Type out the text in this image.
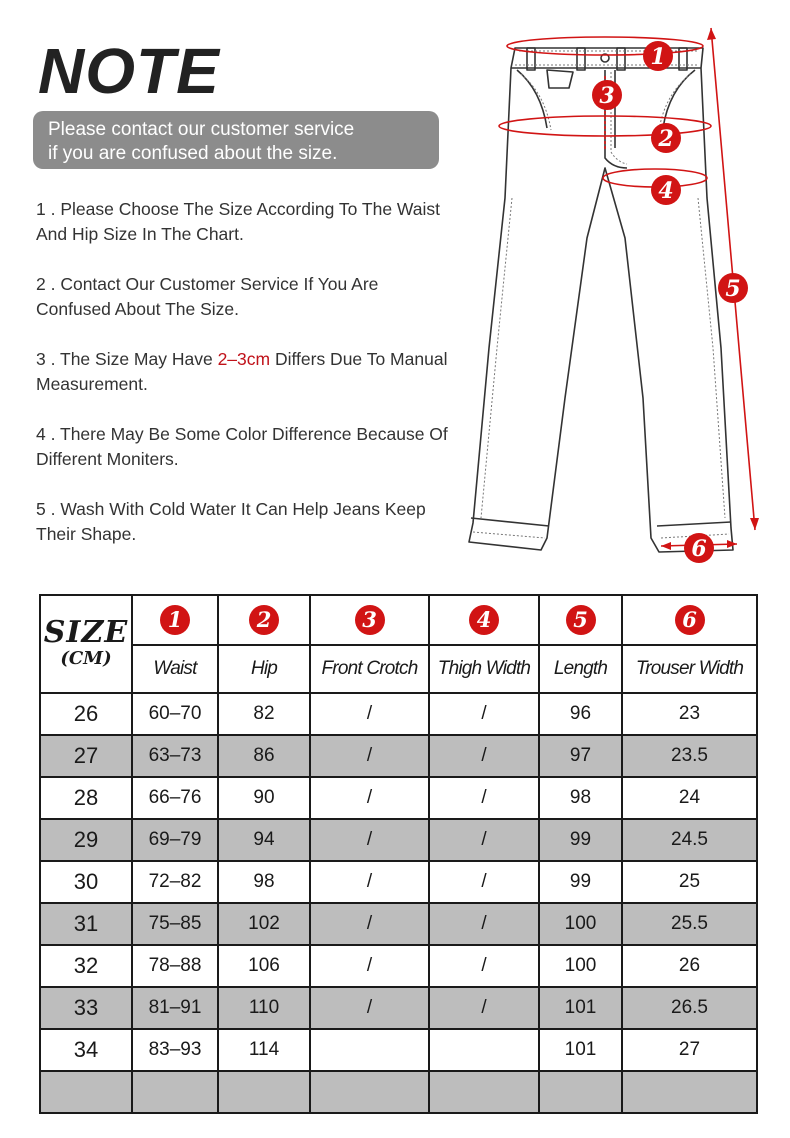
NOTE
Please contact our customer service
if you are confused about the size.

1 . Please Choose The Size According To The Waist And Hip Size In The Chart.

2 . Contact Our Customer Service If You Are Confused About The Size.

3 . The Size May Have 2–3cm Differs Due To Manual Measurement.

4 . There May Be Some Color Difference Because Of Different Moniters.

5 . Wash With Cold Water It Can Help Jeans Keep Their Shape.

1
3
2
4
5
6
SIZE
(CM)	1	2	3	4	5	6
	Waist	Hip	Front Crotch	Thigh Width	Length	Trouser Width
26	60–70	82	/	/	96	23
27	63–73	86	/	/	97	23.5
28	66–76	90	/	/	98	24
29	69–79	94	/	/	99	24.5
30	72–82	98	/	/	99	25
31	75–85	102	/	/	100	25.5
32	78–88	106	/	/	100	26
33	81–91	110	/	/	101	26.5
34	83–93	114			101	27
